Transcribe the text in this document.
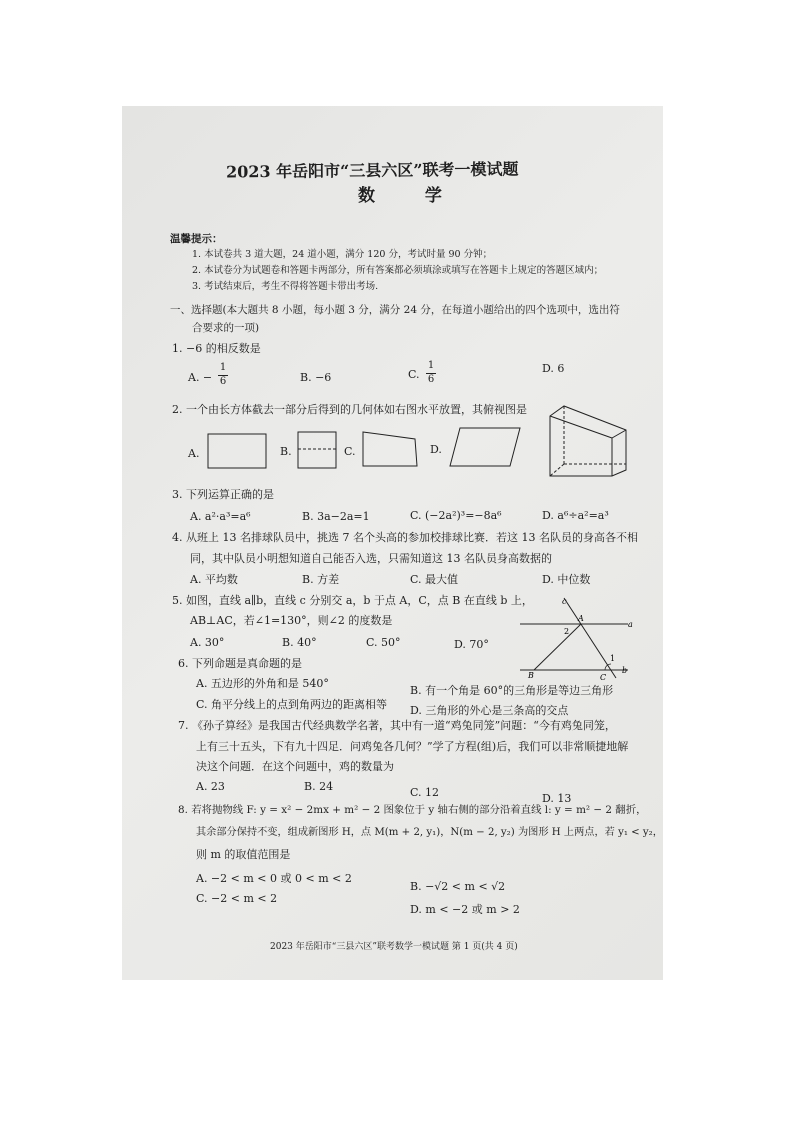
2023 年岳阳市“三县六区”联考一模试题
数 学
温馨提示：
1. 本试卷共 3 道大题，24 道小题，满分 120 分，考试时量 90 分钟；
2. 本试卷分为试题卷和答题卡两部分，所有答案都必须填涂或填写在答题卡上规定的答题区域内；
3. 考试结束后，考生不得将答题卡带出考场.
一、选择题(本大题共 8 小题，每小题 3 分，满分 24 分，在每道小题给出的四个选项中，选出符
合要求的一项)
1. −6 的相反数是
A. −
1
6	B. −6	C.
1
6
D. 6
2. 一个由长方体截去一部分后得到的几何体如右图水平放置，其俯视图是
A.	B.	C.	D.
3. 下列运算正确的是
A. a²·a³=a⁶	B. 3a−2a=1	C. (−2a²)³=−8a⁶	D. a⁶÷a²=a³
4. 从班上 13 名排球队员中，挑选 7 名个头高的参加校排球比赛．若这 13 名队员的身高各不相
同，其中队员小明想知道自己能否入选，只需知道这 13 名队员身高数据的
A. 平均数	B. 方差	C. 最大值	D. 中位数
5. 如图，直线 a∥b，直线 c 分别交 a，b 于点 A，C，点 B 在直线 b 上，
AB⊥AC，若∠1=130°，则∠2 的度数是
A. 30°	B. 40°	C. 50°	D. 70°
c
A
a
2
1
B	C
b
6. 下列命题是真命题的是
A. 五边形的外角和是 540°
B. 有一个角是 60°的三角形是等边三角形
C. 角平分线上的点到角两边的距离相等 D. 三角形的外心是三条高的交点
7. 《孙子算经》是我国古代经典数学名著，其中有一道“鸡兔同笼”问题：“今有鸡兔同笼，
上有三十五头，下有九十四足．问鸡兔各几何？”学了方程(组)后，我们可以非常顺捷地解
决这个问题．在这个问题中，鸡的数量为
A. 23	B. 24	C. 12	D. 13
8. 若将抛物线 F: y = x² − 2mx + m² − 2 图象位于 y 轴右侧的部分沿着直线 l: y = m² − 2 翻折，
其余部分保持不变，组成新图形 H，点 M(m + 2, y₁)，N(m − 2, y₂) 为图形 H 上两点，若 y₁ < y₂，
则 m 的取值范围是
A. −2 < m < 0 或 0 < m < 2
B. −√2 < m < √2
C. −2 < m < 2
D. m < −2 或 m > 2
2023 年岳阳市“三县六区”联考数学一模试题 第 1 页(共 4 页)
